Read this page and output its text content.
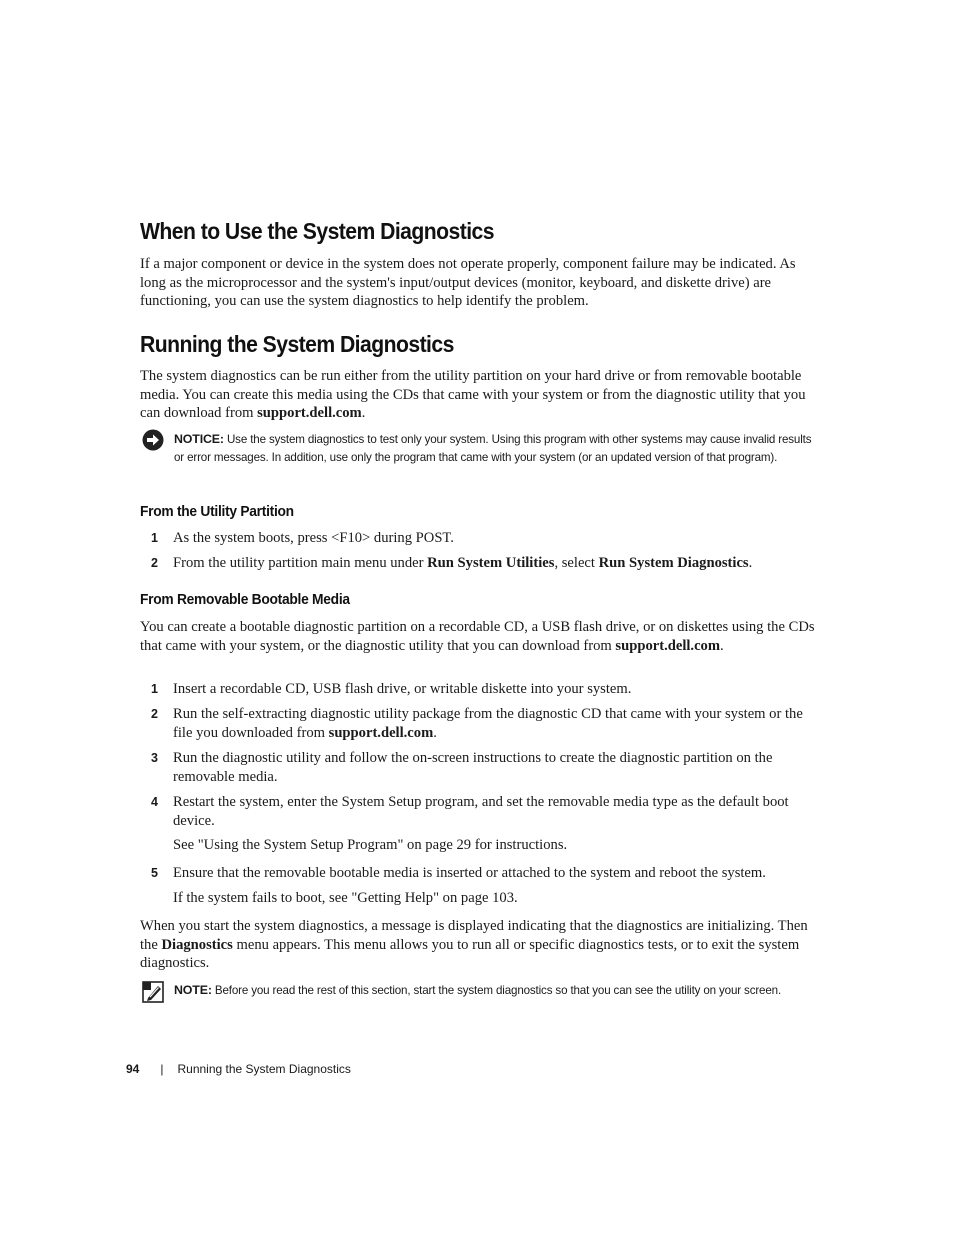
When to Use the System Diagnostics

If a major component or device in the system does not operate properly, component failure may be indicated. As long as the microprocessor and the system's input/output devices (monitor, keyboard, and diskette drive) are functioning, you can use the system diagnostics to help identify the problem.

Running the System Diagnostics

The system diagnostics can be run either from the utility partition on your hard drive or from removable bootable media. You can create this media using the CDs that came with your system or from the diagnostic utility that you can download from support.dell.com.

NOTICE: Use the system diagnostics to test only your system. Using this program with other systems may cause invalid results or error messages. In addition, use only the program that came with your system (or an updated version of that program).
From the Utility Partition
1 As the system boots, press <F10> during POST.
2 From the utility partition main menu under Run System Utilities, select Run System Diagnostics.
From Removable Bootable Media

You can create a bootable diagnostic partition on a recordable CD, a USB flash drive, or on diskettes using the CDs that came with your system, or the diagnostic utility that you can download from support.dell.com.

1 Insert a recordable CD, USB flash drive, or writable diskette into your system.
2 Run the self-extracting diagnostic utility package from the diagnostic CD that came with your system or the file you downloaded from support.dell.com.
3 Run the diagnostic utility and follow the on-screen instructions to create the diagnostic partition on the removable media.
4 Restart the system, enter the System Setup program, and set the removable media type as the default boot device.
See "Using the System Setup Program" on page 29 for instructions.
5 Ensure that the removable bootable media is inserted or attached to the system and reboot the system.
If the system fails to boot, see "Getting Help" on page 103.

When you start the system diagnostics, a message is displayed indicating that the diagnostics are initializing. Then the Diagnostics menu appears. This menu allows you to run all or specific diagnostics tests, or to exit the system diagnostics.

NOTE: Before you read the rest of this section, start the system diagnostics so that you can see the utility on your screen.
94 | Running the System Diagnostics
